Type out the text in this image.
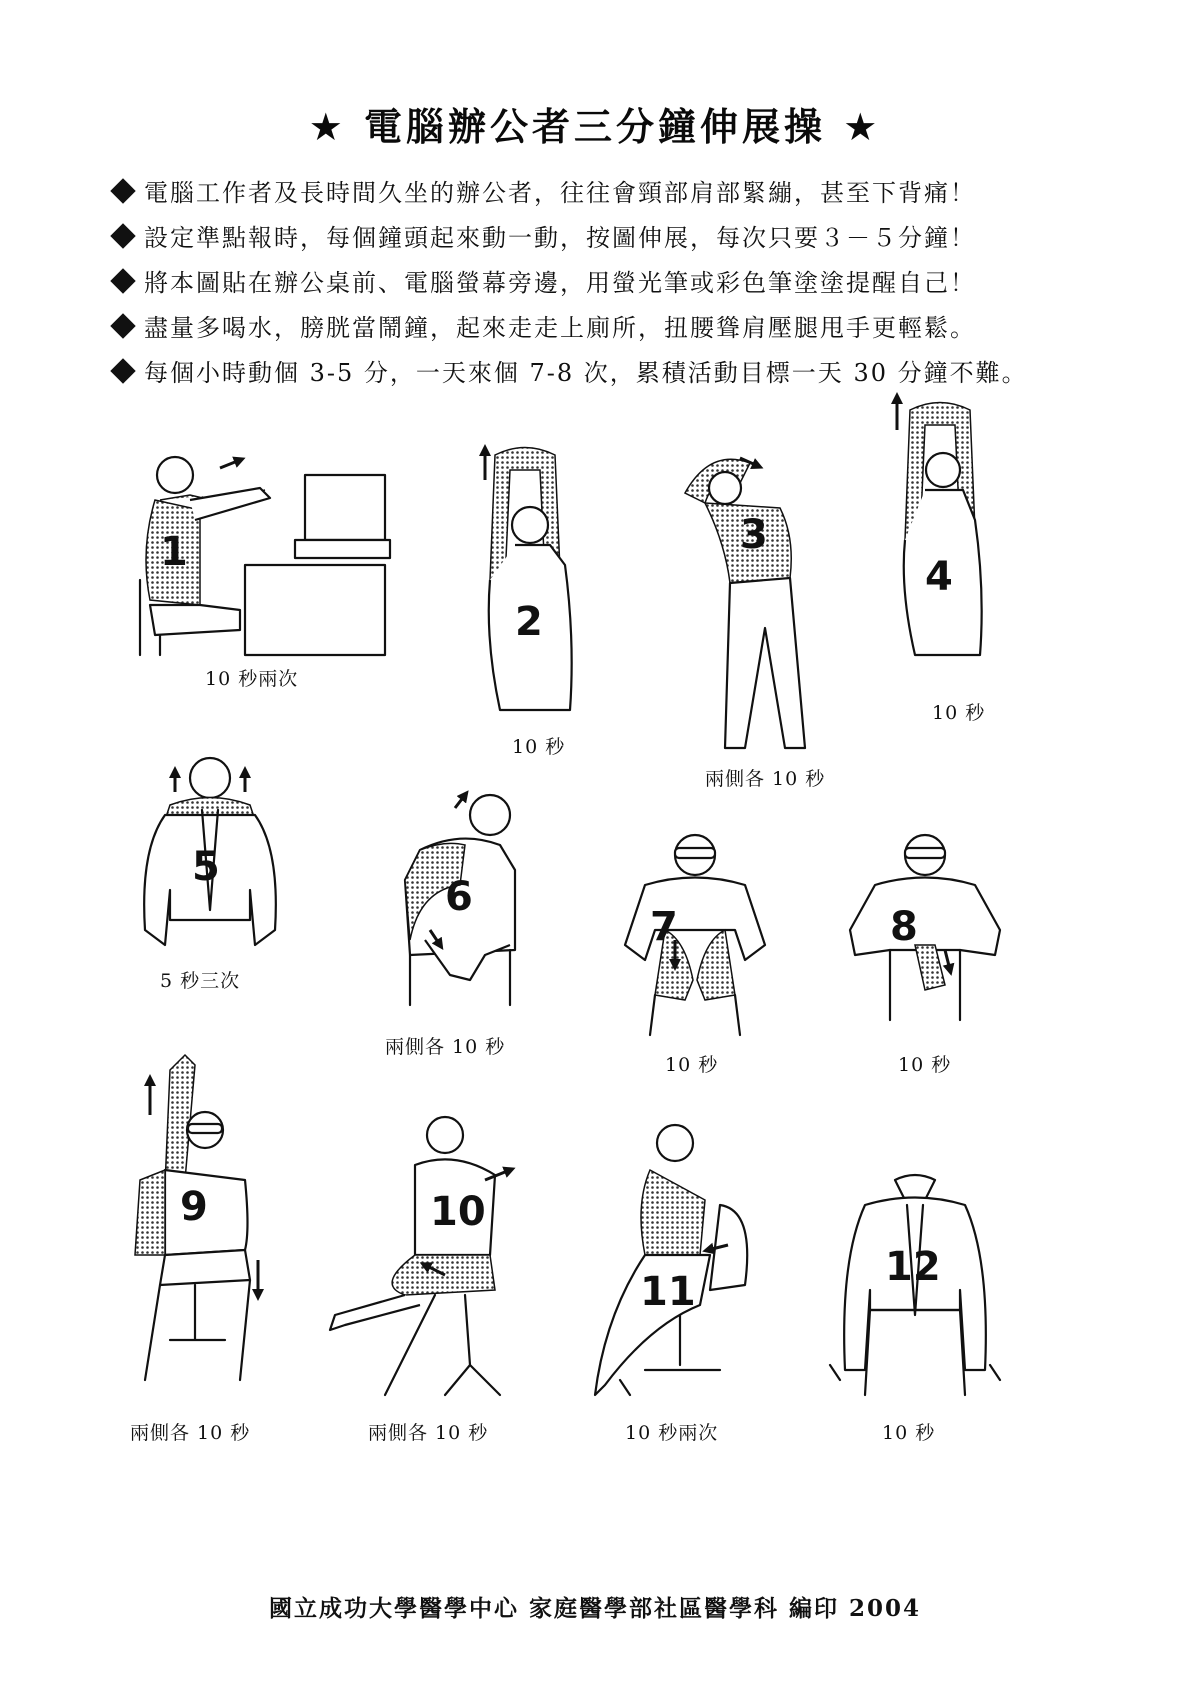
★ 電腦辦公者三分鐘伸展操 ★
電腦工作者及長時間久坐的辦公者，往往會頸部肩部緊繃，甚至下背痛！
設定準點報時，每個鐘頭起來動一動，按圖伸展，每次只要３－５分鐘！
將本圖貼在辦公桌前、電腦螢幕旁邊，用螢光筆或彩色筆塗塗提醒自己！
盡量多喝水，膀胱當鬧鐘，起來走走上廁所，扭腰聳肩壓腿甩手更輕鬆。
每個小時動個 3-5 分，一天來個 7-8 次，累積活動目標一天 30 分鐘不難。
1
10 秒兩次
2
10 秒
3
兩側各 10 秒
4
10 秒
5
5 秒三次
6
兩側各 10 秒
7
10 秒
8
10 秒
9
兩側各 10 秒
10
兩側各 10 秒
11
10 秒兩次
12
10 秒
國立成功大學醫學中心 家庭醫學部社區醫學科 編印 2004
